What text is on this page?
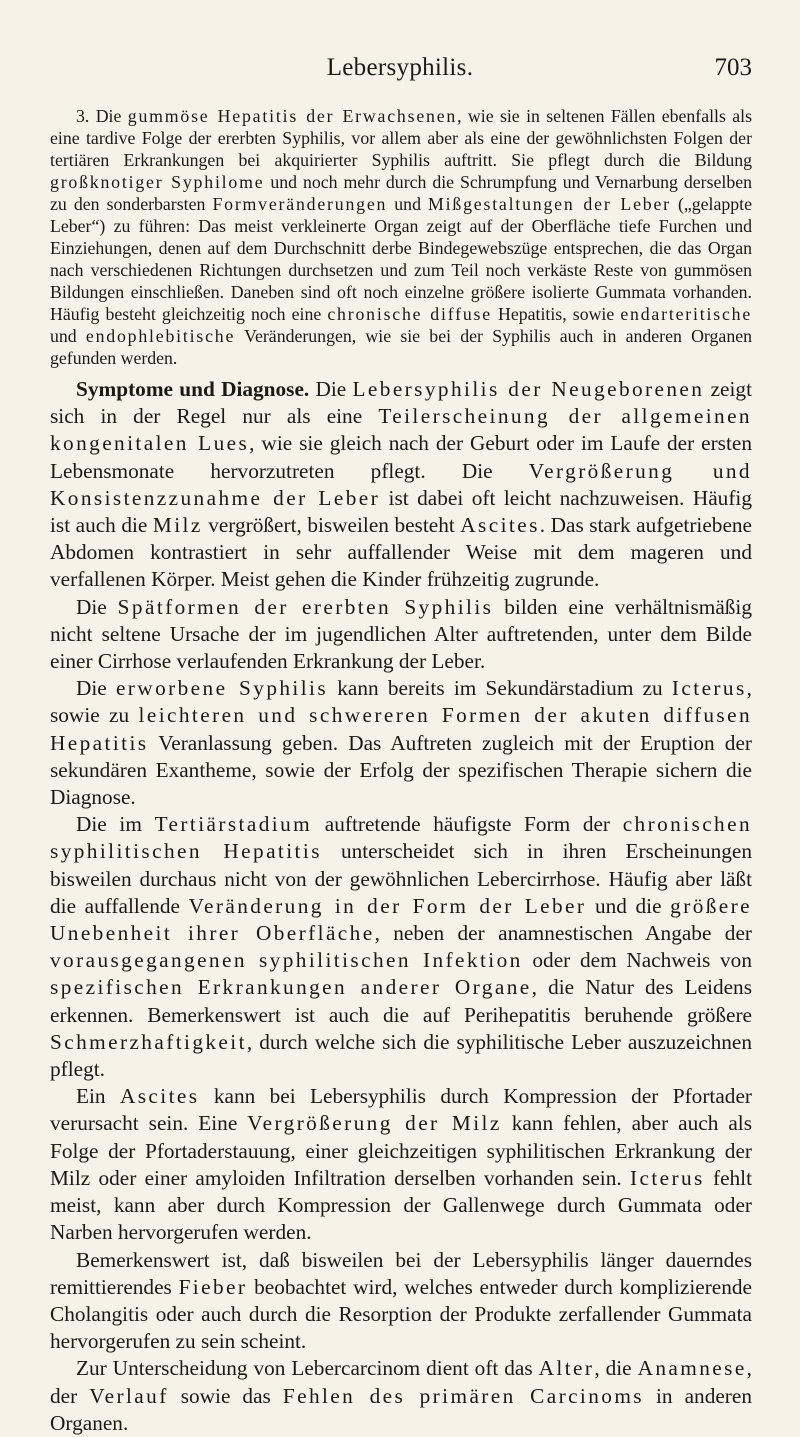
Lebersyphilis.	703

3. Die gummöse Hepatitis der Erwachsenen, wie sie in seltenen Fällen ebenfalls als eine tardive Folge der ererbten Syphilis, vor allem aber als eine der gewöhnlichsten Folgen der tertiären Erkrankungen bei akquirierter Syphilis auftritt. Sie pflegt durch die Bildung großknotiger Syphilome und noch mehr durch die Schrumpfung und Vernarbung derselben zu den sonderbarsten Formveränderungen und Mißgestaltungen der Leber („gelappte Leber“) zu führen: Das meist verkleinerte Organ zeigt auf der Oberfläche tiefe Furchen und Einziehungen, denen auf dem Durchschnitt derbe Bindegewebszüge entsprechen, die das Organ nach verschiedenen Richtungen durchsetzen und zum Teil noch verkäste Reste von gummösen Bildungen einschließen. Daneben sind oft noch einzelne größere isolierte Gummata vorhanden. Häufig besteht gleichzeitig noch eine chronische diffuse Hepatitis, sowie endarteritische und endophlebitische Veränderungen, wie sie bei der Syphilis auch in anderen Organen gefunden werden.

Symptome und Diagnose. Die Lebersyphilis der Neugeborenen zeigt sich in der Regel nur als eine Teilerscheinung der allgemeinen kongenitalen Lues, wie sie gleich nach der Geburt oder im Laufe der ersten Lebensmonate hervorzutreten pflegt. Die Vergrößerung und Konsistenzzunahme der Leber ist dabei oft leicht nachzuweisen. Häufig ist auch die Milz vergrößert, bisweilen besteht Ascites. Das stark aufgetriebene Abdomen kontrastiert in sehr auffallender Weise mit dem mageren und verfallenen Körper. Meist gehen die Kinder frühzeitig zugrunde.

Die Spätformen der ererbten Syphilis bilden eine verhältnismäßig nicht seltene Ursache der im jugendlichen Alter auftretenden, unter dem Bilde einer Cirrhose verlaufenden Erkrankung der Leber.

Die erworbene Syphilis kann bereits im Sekundärstadium zu Icterus, sowie zu leichteren und schwereren Formen der akuten diffusen Hepatitis Veranlassung geben. Das Auftreten zugleich mit der Eruption der sekundären Exantheme, sowie der Erfolg der spezifischen Therapie sichern die Diagnose.

Die im Tertiärstadium auftretende häufigste Form der chronischen syphilitischen Hepatitis unterscheidet sich in ihren Erscheinungen bisweilen durchaus nicht von der gewöhnlichen Lebercirrhose. Häufig aber läßt die auffallende Veränderung in der Form der Leber und die größere Unebenheit ihrer Oberfläche, neben der anamnestischen Angabe der vorausgegangenen syphilitischen Infektion oder dem Nachweis von spezifischen Erkrankungen anderer Organe, die Natur des Leidens erkennen. Bemerkenswert ist auch die auf Perihepatitis beruhende größere Schmerzhaftigkeit, durch welche sich die syphilitische Leber auszuzeichnen pflegt.

Ein Ascites kann bei Lebersyphilis durch Kompression der Pfortader verursacht sein. Eine Vergrößerung der Milz kann fehlen, aber auch als Folge der Pfortaderstauung, einer gleichzeitigen syphilitischen Erkrankung der Milz oder einer amyloiden Infiltration derselben vorhanden sein. Icterus fehlt meist, kann aber durch Kompression der Gallenwege durch Gummata oder Narben hervorgerufen werden.

Bemerkenswert ist, daß bisweilen bei der Lebersyphilis länger dauerndes remittierendes Fieber beobachtet wird, welches entweder durch komplizierende Cholangitis oder auch durch die Resorption der Produkte zerfallender Gummata hervorgerufen zu sein scheint.

Zur Unterscheidung von Lebercarcinom dient oft das Alter, die Anamnese, der Verlauf sowie das Fehlen des primären Carcinoms in anderen Organen.
